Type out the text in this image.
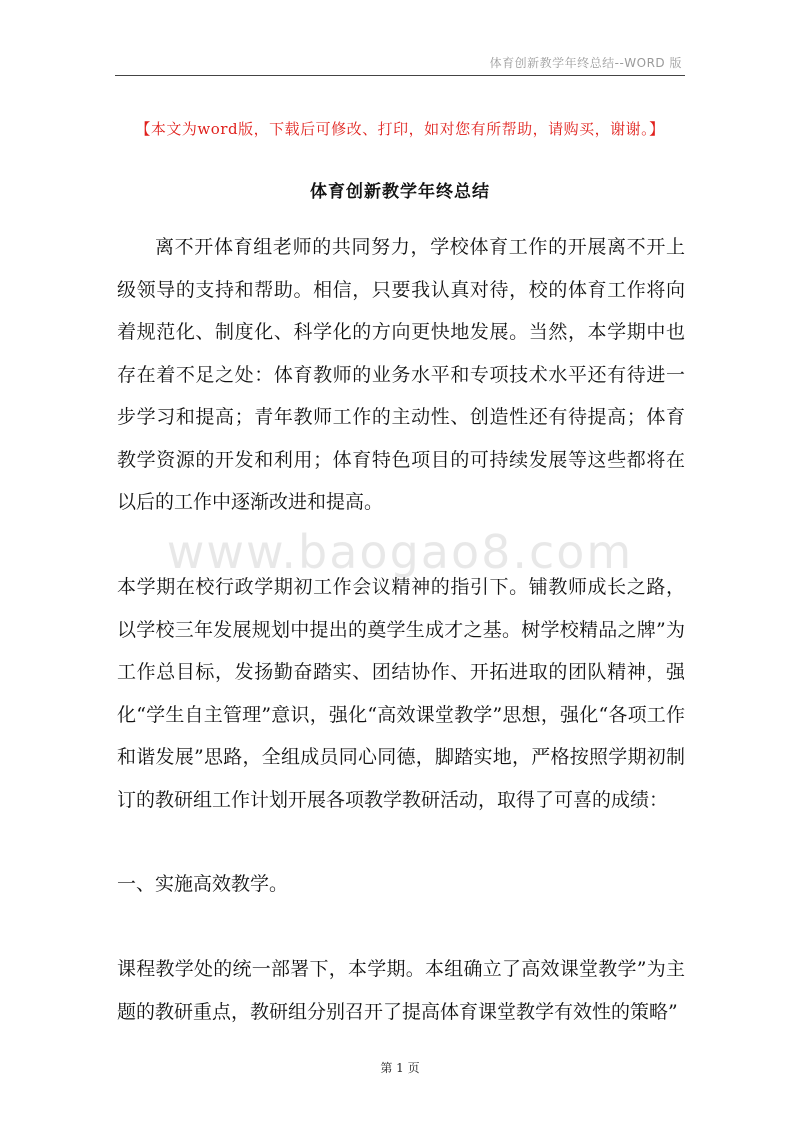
体育创新教学年终总结--WORD 版
【本文为word版，下载后可修改、打印，如对您有所帮助，请购买，谢谢。】
体育创新教学年终总结

离不开体育组老师的共同努力，学校体育工作的开展离不开上级领导的支持和帮助。相信，只要我认真对待，校的体育工作将向着规范化、制度化、科学化的方向更快地发展。当然，本学期中也存在着不足之处：体育教师的业务水平和专项技术水平还有待进一步学习和提高；青年教师工作的主动性、创造性还有待提高；体育教学资源的开发和利用；体育特色项目的可持续发展等这些都将在以后的工作中逐渐改进和提高。

www.baogao8.com

本学期在校行政学期初工作会议精神的指引下。铺教师成长之路，以学校三年发展规划中提出的奠学生成才之基。树学校精品之牌”为工作总目标，发扬勤奋踏实、团结协作、开拓进取的团队精神，强化“学生自主管理”意识，强化“高效课堂教学”思想，强化“各项工作和谐发展”思路，全组成员同心同德，脚踏实地，严格按照学期初制订的教研组工作计划开展各项教学教研活动，取得了可喜的成绩：

一、实施高效教学。

课程教学处的统一部署下，本学期。本组确立了高效课堂教学”为主题的教研重点，教研组分别召开了提高体育课堂教学有效性的策略”

第 1 页
